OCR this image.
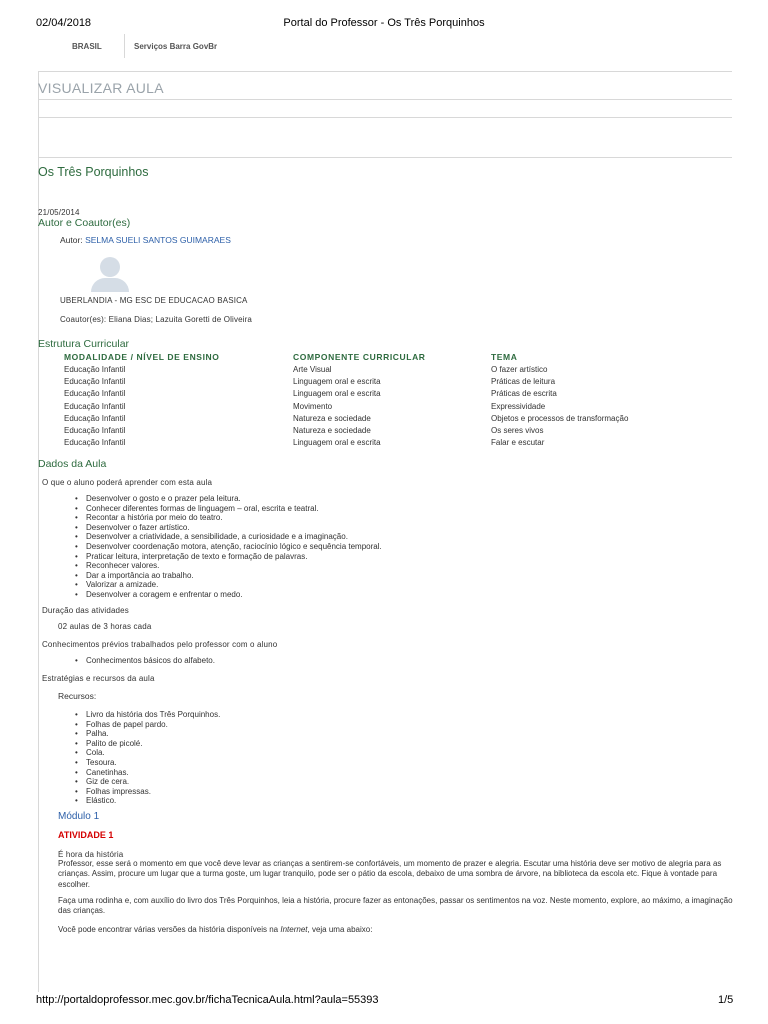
02/04/2018	Portal do Professor - Os Três Porquinhos
BRASIL	Serviços Barra GovBr
VISUALIZAR AULA
Os Três Porquinhos
21/05/2014
Autor e Coautor(es)
Autor: SELMA SUELI SANTOS GUIMARAES
UBERLANDIA - MG ESC DE EDUCACAO BASICA
Coautor(es): Eliana Dias; Lazuita Goretti de Oliveira
Estrutura Curricular
MODALIDADE / NÍVEL DE ENSINO	COMPONENTE CURRICULAR	TEMA
Educação Infantil	Arte Visual	O fazer artístico
Educação Infantil	Linguagem oral e escrita	Práticas de leitura
Educação Infantil	Linguagem oral e escrita	Práticas de escrita
Educação Infantil	Movimento	Expressividade
Educação Infantil	Natureza e sociedade	Objetos e processos de transformação
Educação Infantil	Natureza e sociedade	Os seres vivos
Educação Infantil	Linguagem oral e escrita	Falar e escutar
Dados da Aula
O que o aluno poderá aprender com esta aula
• Desenvolver o gosto e o prazer pela leitura.
• Conhecer diferentes formas de linguagem – oral, escrita e teatral.
• Recontar a história por meio do teatro.
• Desenvolver o fazer artístico.
• Desenvolver a criatividade, a sensibilidade, a curiosidade e a imaginação.
• Desenvolver coordenação motora, atenção, raciocínio lógico e sequência temporal.
• Praticar leitura, interpretação de texto e formação de palavras.
• Reconhecer valores.
• Dar a importância ao trabalho.
• Valorizar a amizade.
• Desenvolver a coragem e enfrentar o medo.
Duração das atividades
02 aulas de 3 horas cada
Conhecimentos prévios trabalhados pelo professor com o aluno
• Conhecimentos básicos do alfabeto.
Estratégias e recursos da aula
Recursos:
• Livro da história dos Três Porquinhos.
• Folhas de papel pardo.
• Palha.
• Palito de picolé.
• Cola.
• Tesoura.
• Canetinhas.
• Giz de cera.
• Folhas impressas.
• Elástico.
Módulo 1
ATIVIDADE 1
É hora da história
Professor, esse será o momento em que você deve levar as crianças a sentirem-se confortáveis, um momento de prazer e alegria. Escutar uma história deve ser motivo de alegria para as crianças. Assim, procure um lugar que a turma goste, um lugar tranquilo, pode ser o pátio da escola, debaixo de uma sombra de árvore, na biblioteca da escola etc. Fique à vontade para escolher.
Faça uma rodinha e, com auxílio do livro dos Três Porquinhos, leia a história, procure fazer as entonações, passar os sentimentos na voz. Neste momento, explore, ao máximo, a imaginação das crianças.
Você pode encontrar várias versões da história disponíveis na Internet, veja uma abaixo:
http://portaldoprofessor.mec.gov.br/fichaTecnicaAula.html?aula=55393	1/5
